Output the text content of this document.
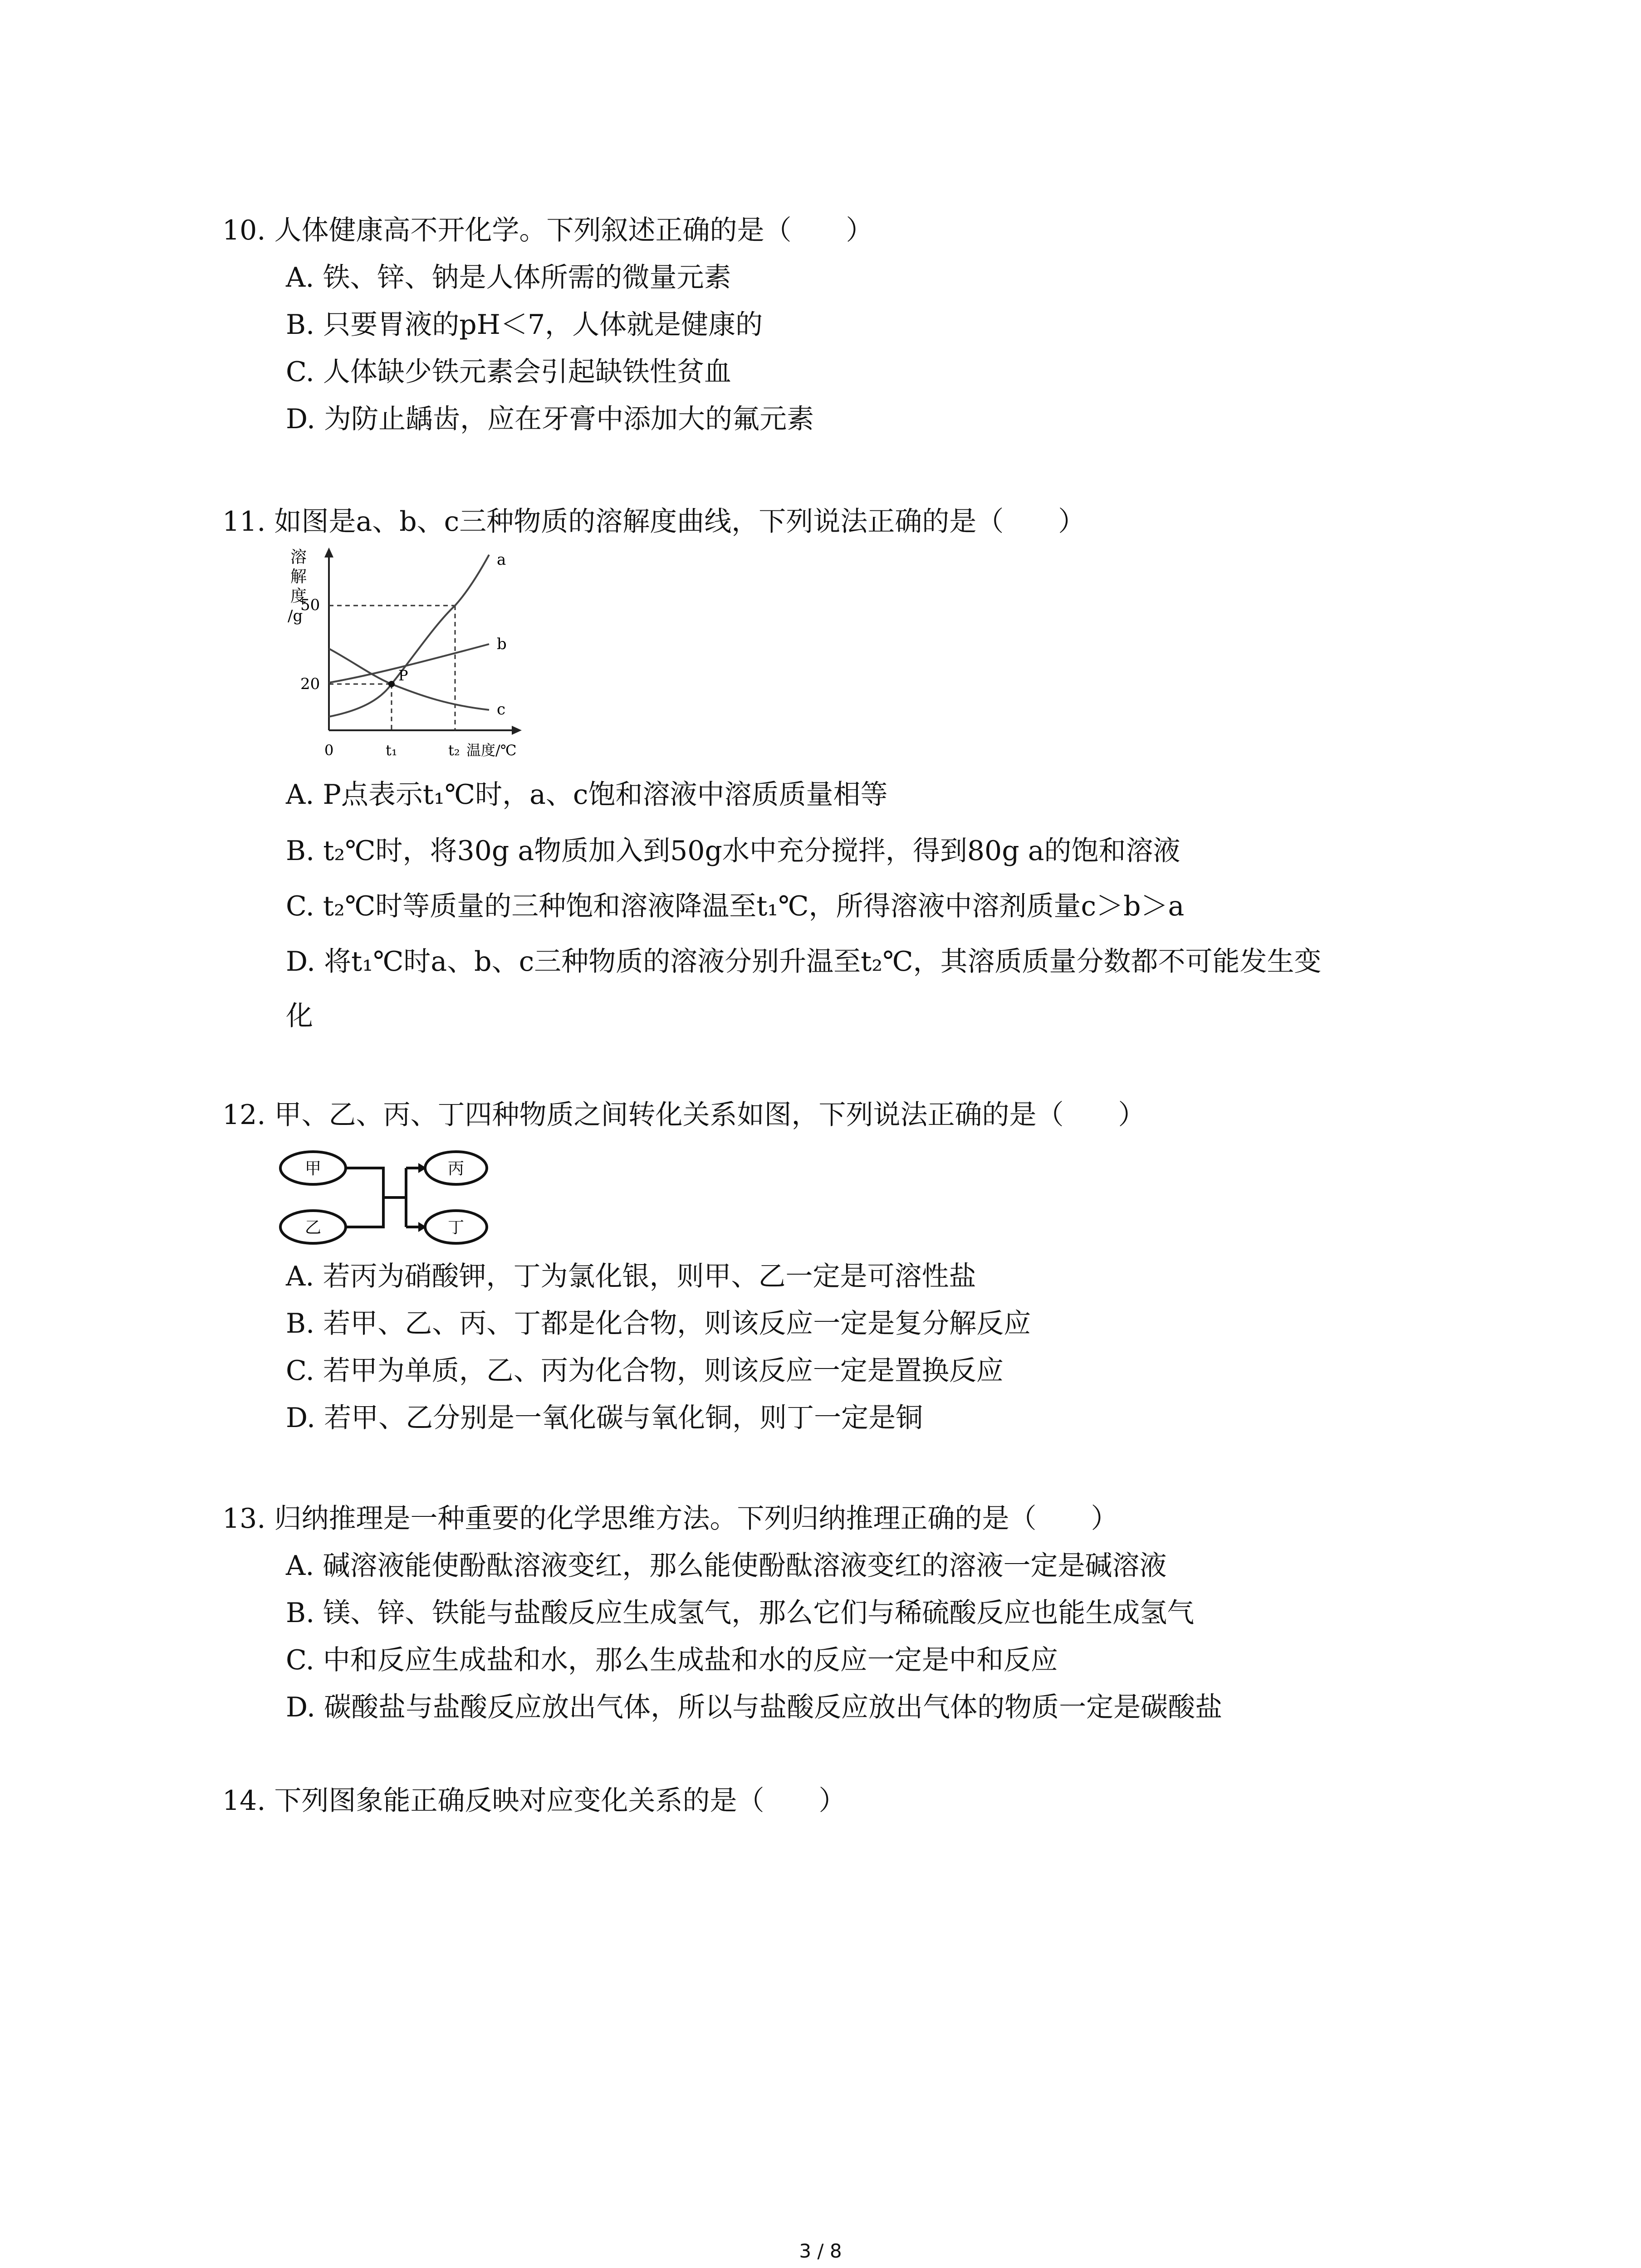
10. 人体健康高不开化学。下列叙述正确的是（　　）
A. 铁、锌、钠是人体所需的微量元素
B. 只要胃液的pH＜7，人体就是健康的
C. 人体缺少铁元素会引起缺铁性贫血
D. 为防止龋齿，应在牙膏中添加大的氟元素
11. 如图是a、b、c三种物质的溶解度曲线，下列说法正确的是（　　）
溶
解
度
/g
50
20	P
a
b
c
0	t₁	t₂ 温度/℃
A. P点表示t₁℃时，a、c饱和溶液中溶质质量相等
B. t₂℃时，将30g a物质加入到50g水中充分搅拌，得到80g a的饱和溶液
C. t₂℃时等质量的三种饱和溶液降温至t₁℃，所得溶液中溶剂质量c＞b＞a
D. 将t₁℃时a、b、c三种物质的溶液分别升温至t₂℃，其溶质质量分数都不可能发生变
化
12. 甲、乙、丙、丁四种物质之间转化关系如图，下列说法正确的是（　　）
甲
乙
丙
丁
A. 若丙为硝酸钾，丁为氯化银，则甲、乙一定是可溶性盐
B. 若甲、乙、丙、丁都是化合物，则该反应一定是复分解反应
C. 若甲为单质，乙、丙为化合物，则该反应一定是置换反应
D. 若甲、乙分别是一氧化碳与氧化铜，则丁一定是铜
13. 归纳推理是一种重要的化学思维方法。下列归纳推理正确的是（　　）
A. 碱溶液能使酚酞溶液变红，那么能使酚酞溶液变红的溶液一定是碱溶液
B. 镁、锌、铁能与盐酸反应生成氢气，那么它们与稀硫酸反应也能生成氢气
C. 中和反应生成盐和水，那么生成盐和水的反应一定是中和反应
D. 碳酸盐与盐酸反应放出气体，所以与盐酸反应放出气体的物质一定是碳酸盐
14. 下列图象能正确反映对应变化关系的是（　　）
3 / 8
